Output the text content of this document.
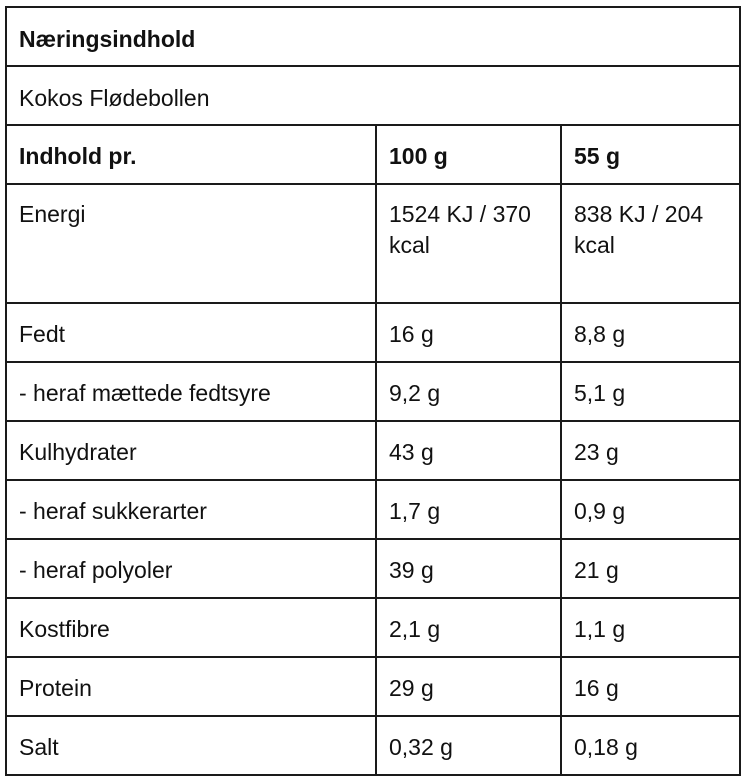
Næringsindhold		
Kokos Flødebollen		
Indhold pr.	100 g	55 g
Energi	1524 KJ / 370 kcal	838 KJ / 204 kcal
Fedt	16 g	8,8 g
- heraf mættede fedtsyre	9,2 g	5,1 g
Kulhydrater	43 g	23 g
- heraf sukkerarter	1,7 g	0,9 g
- heraf polyoler	39 g	21 g
Kostfibre	2,1 g	1,1 g
Protein	29 g	16 g
Salt	0,32 g	0,18 g
